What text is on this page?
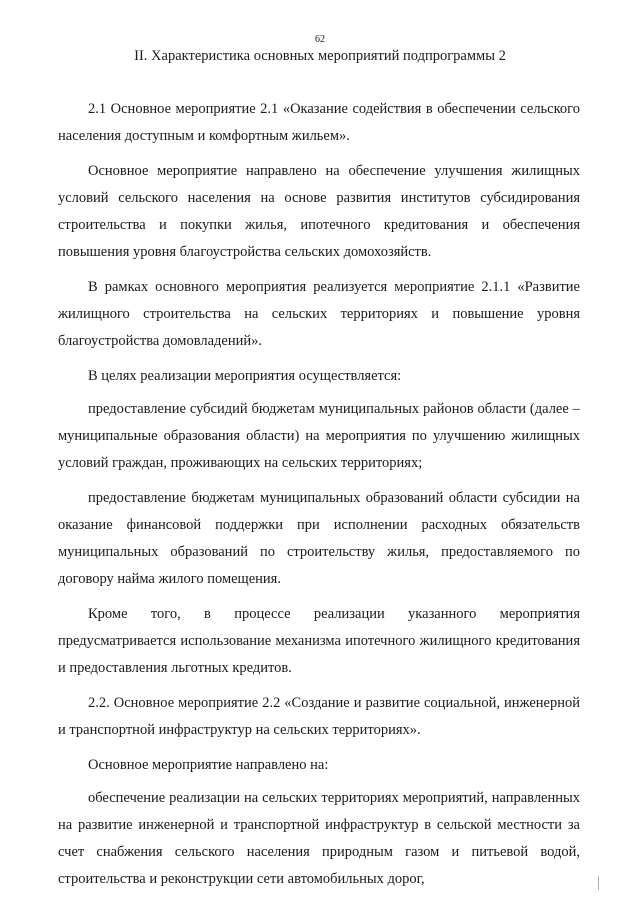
62
II. Характеристика основных мероприятий подпрограммы 2

2.1 Основное мероприятие 2.1 «Оказание содействия в обеспечении сельского населения доступным и комфортным жильем».

Основное мероприятие направлено на обеспечение улучшения жилищных условий сельского населения на основе развития институтов субсидирования строительства и покупки жилья, ипотечного кредитования и обеспечения повышения уровня благоустройства сельских домохозяйств.

В рамках основного мероприятия реализуется мероприятие 2.1.1 «Развитие жилищного строительства на сельских территориях и повышение уровня благоустройства домовладений».

В целях реализации мероприятия осуществляется:

предоставление субсидий бюджетам муниципальных районов области (далее – муниципальные образования области) на мероприятия по улучшению жилищных условий граждан, проживающих на сельских территориях;

предоставление бюджетам муниципальных образований области субсидии на оказание финансовой поддержки при исполнении расходных обязательств муниципальных образований по строительству жилья, предоставляемого по договору найма жилого помещения.

Кроме того, в процессе реализации указанного мероприятия предусматривается использование механизма ипотечного жилищного кредитования и предоставления льготных кредитов.

2.2. Основное мероприятие 2.2 «Создание и развитие социальной, инженерной и транспортной инфраструктур на сельских территориях».

Основное мероприятие направлено на:

обеспечение реализации на сельских территориях мероприятий, направленных на развитие инженерной и транспортной инфраструктур в сельской местности за счет снабжения сельского населения природным газом и питьевой водой, строительства и реконструкции сети автомобильных дорог,
